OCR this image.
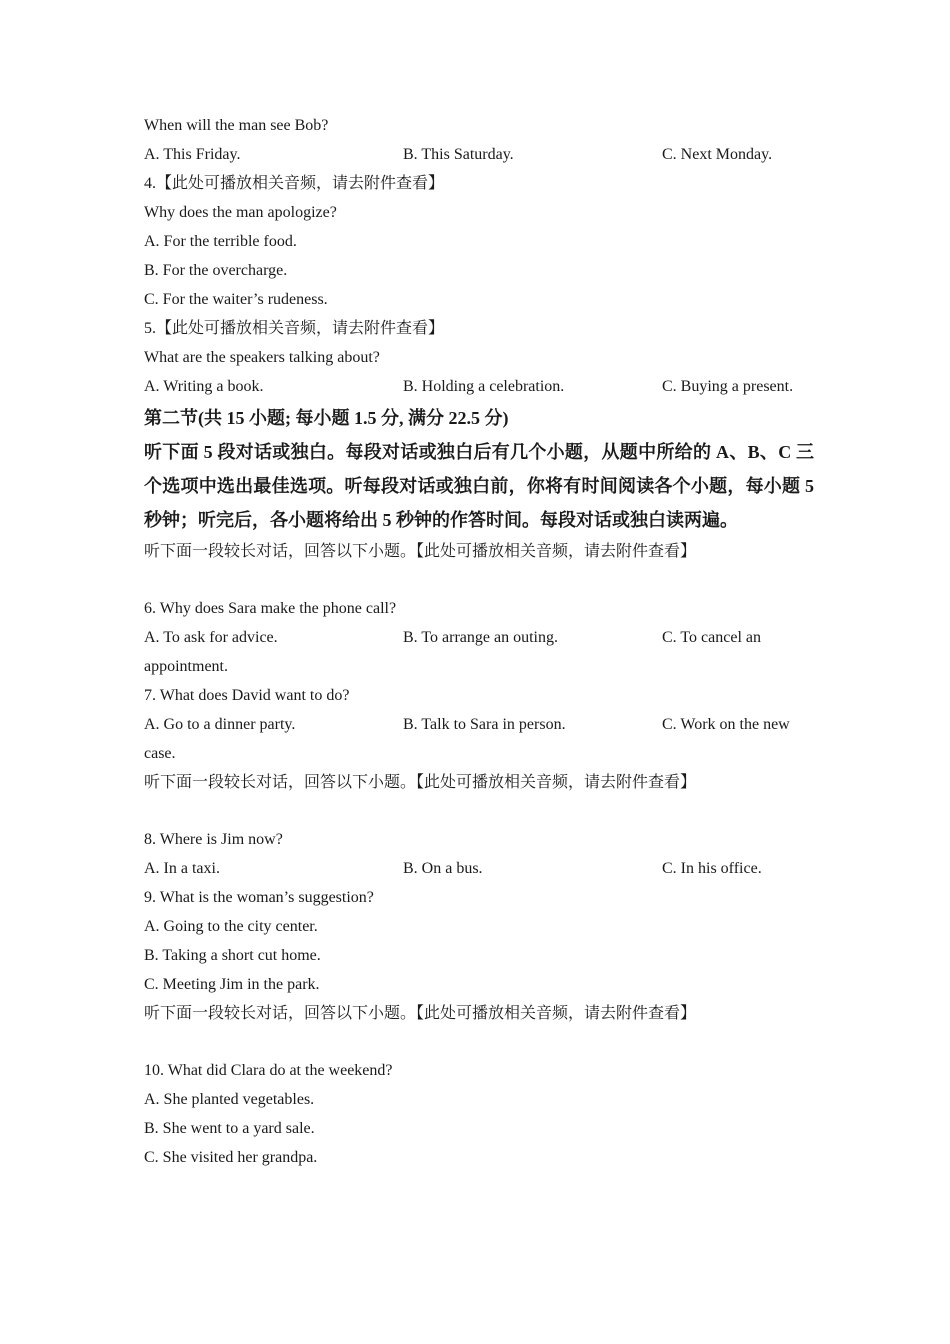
When will the man see Bob?
A. This Friday.	B. This Saturday.	C. Next Monday.
4.【此处可播放相关音频，请去附件查看】
Why does the man apologize?
A. For the terrible food.
B. For the overcharge.
C. For the waiter’s rudeness.
5.【此处可播放相关音频，请去附件查看】
What are the speakers talking about?
A. Writing a book.	B. Holding a celebration.	C. Buying a present.
第二节(共 15 小题; 每小题 1.5 分, 满分 22.5 分)
听下面 5 段对话或独白。每段对话或独白后有几个小题，从题中所给的 A、B、C 三个选项中选出最佳选项。听每段对话或独白前，你将有时间阅读各个小题，每小题 5 秒钟；听完后，各小题将给出 5 秒钟的作答时间。每段对话或独白读两遍。
听下面一段较长对话，回答以下小题。【此处可播放相关音频，请去附件查看】
6. Why does Sara make the phone call?
A. To ask for advice.	B. To arrange an outing.	C. To cancel an
appointment.
7. What does David want to do?
A. Go to a dinner party.	B. Talk to Sara in person.	C. Work on the new
case.
听下面一段较长对话，回答以下小题。【此处可播放相关音频，请去附件查看】
8. Where is Jim now?
A. In a taxi.	B. On a bus.	C. In his office.
9. What is the woman’s suggestion?
A. Going to the city center.
B. Taking a short cut home.
C. Meeting Jim in the park.
听下面一段较长对话，回答以下小题。【此处可播放相关音频，请去附件查看】
10. What did Clara do at the weekend?
A. She planted vegetables.
B. She went to a yard sale.
C. She visited her grandpa.
